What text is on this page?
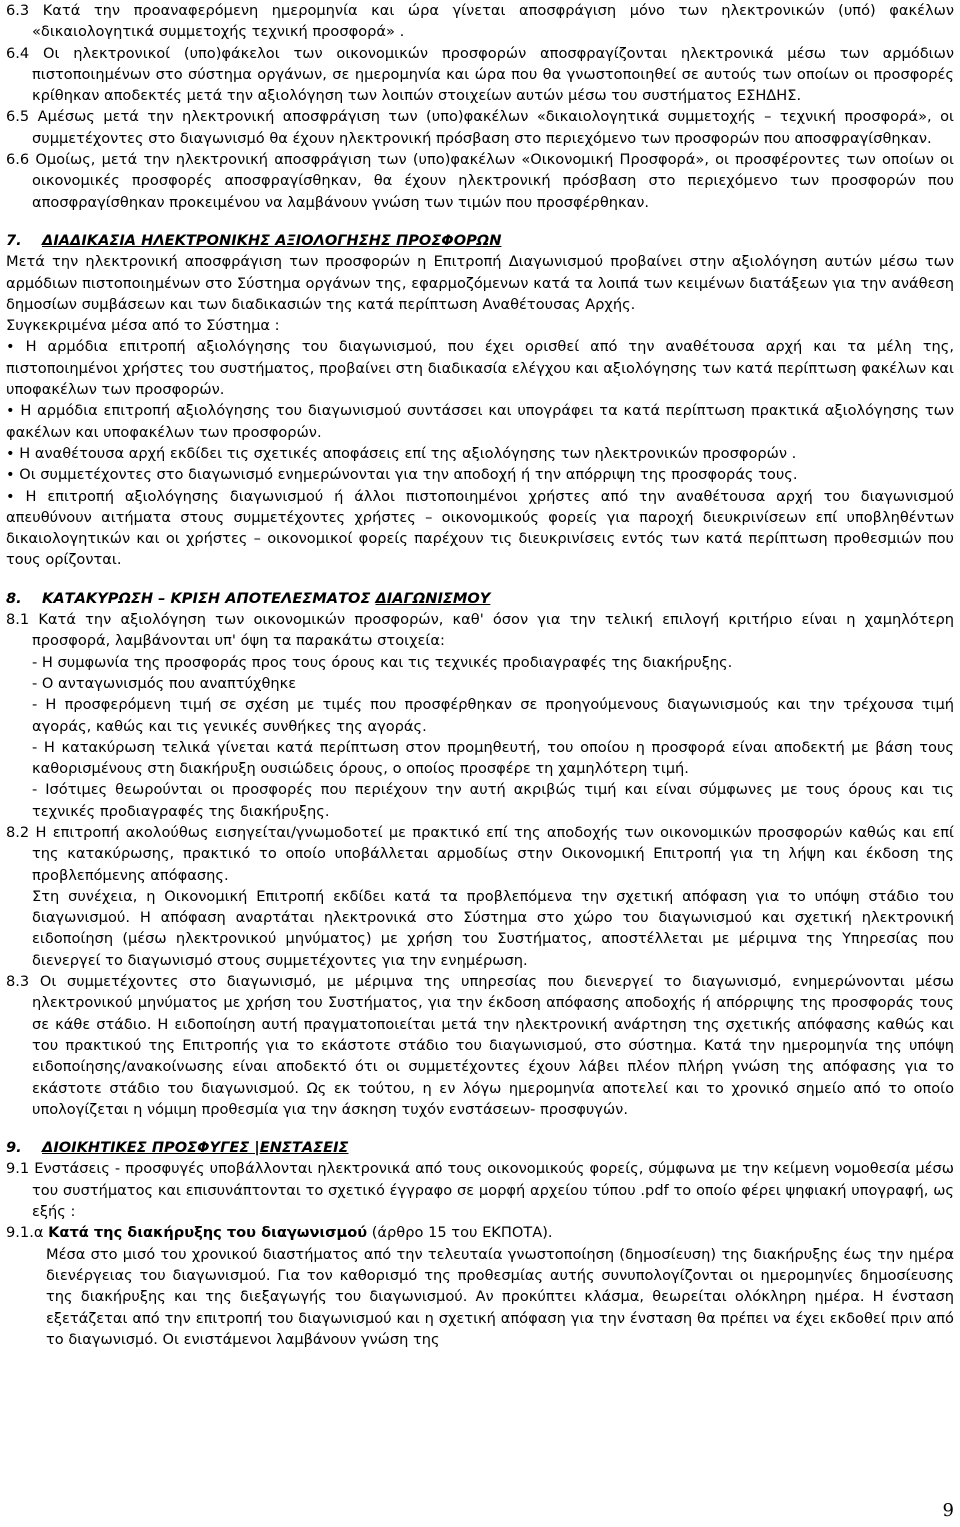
6.3 Κατά την προαναφερόμενη ημερομηνία και ώρα γίνεται αποσφράγιση μόνο των ηλεκτρονικών (υπό) φακέλων «δικαιολογητικά συμμετοχής τεχνική προσφορά» .

6.4 Οι ηλεκτρονικοί (υπο)φάκελοι των οικονομικών προσφορών αποσφραγίζονται ηλεκτρονικά μέσω των αρμόδιων πιστοποιημένων στο σύστημα οργάνων, σε ημερομηνία και ώρα που θα γνωστοποιηθεί σε αυτούς των οποίων οι προσφορές κρίθηκαν αποδεκτές μετά την αξιολόγηση των λοιπών στοιχείων αυτών μέσω του συστήματος ΕΣΗΔΗΣ.

6.5 Αμέσως μετά την ηλεκτρονική αποσφράγιση των (υπο)φακέλων «δικαιολογητικά συμμετοχής – τεχνική προσφορά», οι συμμετέχοντες στο διαγωνισμό θα έχουν ηλεκτρονική πρόσβαση στο περιεχόμενο των προσφορών που αποσφραγίσθηκαν.

6.6 Ομοίως, μετά την ηλεκτρονική αποσφράγιση των (υπο)φακέλων «Οικονομική Προσφορά», οι προσφέροντες των οποίων οι οικονομικές προσφορές αποσφραγίσθηκαν, θα έχουν ηλεκτρονική πρόσβαση στο περιεχόμενο των προσφορών που αποσφραγίσθηκαν προκειμένου να λαμβάνουν γνώση των τιμών που προσφέρθηκαν.

7. ΔΙΑΔΙΚΑΣΙΑ ΗΛΕΚΤΡΟΝΙΚΗΣ ΑΞΙΟΛΟΓΗΣΗΣ ΠΡΟΣΦΟΡΩΝ

Μετά την ηλεκτρονική αποσφράγιση των προσφορών η Επιτροπή Διαγωνισμού προβαίνει στην αξιολόγηση αυτών μέσω των αρμόδιων πιστοποιημένων στο Σύστημα οργάνων της, εφαρμοζόμενων κατά τα λοιπά των κειμένων διατάξεων για την ανάθεση δημοσίων συμβάσεων και των διαδικασιών της κατά περίπτωση Αναθέτουσας Αρχής.

Συγκεκριμένα μέσα από το Σύστημα :

• Η αρμόδια επιτροπή αξιολόγησης του διαγωνισμού, που έχει ορισθεί από την αναθέτουσα αρχή και τα μέλη της, πιστοποιημένοι χρήστες του συστήματος, προβαίνει στη διαδικασία ελέγχου και αξιολόγησης των κατά περίπτωση φακέλων και υποφακέλων των προσφορών.

• Η αρμόδια επιτροπή αξιολόγησης του διαγωνισμού συντάσσει και υπογράφει τα κατά περίπτωση πρακτικά αξιολόγησης των φακέλων και υποφακέλων των προσφορών.

• Η αναθέτουσα αρχή εκδίδει τις σχετικές αποφάσεις επί της αξιολόγησης των ηλεκτρονικών προσφορών .

• Οι συμμετέχοντες στο διαγωνισμό ενημερώνονται για την αποδοχή ή την απόρριψη της προσφοράς τους.

• Η επιτροπή αξιολόγησης διαγωνισμού ή άλλοι πιστοποιημένοι χρήστες από την αναθέτουσα αρχή του διαγωνισμού απευθύνουν αιτήματα στους συμμετέχοντες χρήστες – οικονομικούς φορείς για παροχή διευκρινίσεων επί υποβληθέντων δικαιολογητικών και οι χρήστες – οικονομικοί φορείς παρέχουν τις διευκρινίσεις εντός των κατά περίπτωση προθεσμιών που τους ορίζονται.

8. ΚΑΤΑΚΥΡΩΣΗ – ΚΡΙΣΗ ΑΠΟΤΕΛΕΣΜΑΤΟΣ ΔΙΑΓΩΝΙΣΜΟΥ

8.1 Κατά την αξιολόγηση των οικονομικών προσφορών, καθ' όσον για την τελική επιλογή κριτήριο είναι η χαμηλότερη προσφορά, λαμβάνονται υπ' όψη τα παρακάτω στοιχεία:

- Η συμφωνία της προσφοράς προς τους όρους και τις τεχνικές προδιαγραφές της διακήρυξης.

- Ο ανταγωνισμός που αναπτύχθηκε

- Η προσφερόμενη τιμή σε σχέση με τιμές που προσφέρθηκαν σε προηγούμενους διαγωνισμούς και την τρέχουσα τιμή αγοράς, καθώς και τις γενικές συνθήκες της αγοράς.

- Η κατακύρωση τελικά γίνεται κατά περίπτωση στον προμηθευτή, του οποίου η προσφορά είναι αποδεκτή με βάση τους καθορισμένους στη διακήρυξη ουσιώδεις όρους, ο οποίος προσφέρε τη χαμηλότερη τιμή.

- Ισότιμες θεωρούνται οι προσφορές που περιέχουν την αυτή ακριβώς τιμή και είναι σύμφωνες με τους όρους και τις τεχνικές προδιαγραφές της διακήρυξης.

8.2 Η επιτροπή ακολούθως εισηγείται/γνωμοδοτεί με πρακτικό επί της αποδοχής των οικονομικών προσφορών καθώς και επί της κατακύρωσης, πρακτικό το οποίο υποβάλλεται αρμοδίως στην Οικονομική Επιτροπή για τη λήψη και έκδοση της προβλεπόμενης απόφασης.

Στη συνέχεια, η Οικονομική Επιτροπή εκδίδει κατά τα προβλεπόμενα την σχετική απόφαση για το υπόψη στάδιο του διαγωνισμού. Η απόφαση αναρτάται ηλεκτρονικά στο Σύστημα στο χώρο του διαγωνισμού και σχετική ηλεκτρονική ειδοποίηση (μέσω ηλεκτρονικού μηνύματος) με χρήση του Συστήματος, αποστέλλεται με μέριμνα της Υπηρεσίας που διενεργεί το διαγωνισμό στους συμμετέχοντες για την ενημέρωση.

8.3 Οι συμμετέχοντες στο διαγωνισμό, με μέριμνα της υπηρεσίας που διενεργεί το διαγωνισμό, ενημερώνονται μέσω ηλεκτρονικού μηνύματος με χρήση του Συστήματος, για την έκδοση απόφασης αποδοχής ή απόρριψης της προσφοράς τους σε κάθε στάδιο. Η ειδοποίηση αυτή πραγματοποιείται μετά την ηλεκτρονική ανάρτηση της σχετικής απόφασης καθώς και του πρακτικού της Επιτροπής για το εκάστοτε στάδιο του διαγωνισμού, στο σύστημα. Κατά την ημερομηνία της υπόψη ειδοποίησης/ανακοίνωσης είναι αποδεκτό ότι οι συμμετέχοντες έχουν λάβει πλέον πλήρη γνώση της απόφασης για το εκάστοτε στάδιο του διαγωνισμού. Ως εκ τούτου, η εν λόγω ημερομηνία αποτελεί και το χρονικό σημείο από το οποίο υπολογίζεται η νόμιμη προθεσμία για την άσκηση τυχόν ενστάσεων- προσφυγών.

9. ΔΙΟΙΚΗΤΙΚΕΣ ΠΡΟΣΦΥΓΕΣ |ΕΝΣΤΑΣΕΙΣ

9.1 Ενστάσεις - προσφυγές υποβάλλονται ηλεκτρονικά από τους οικονομικούς φορείς, σύμφωνα με την κείμενη νομοθεσία μέσω του συστήματος και επισυνάπτονται το σχετικό έγγραφο σε μορφή αρχείου τύπου .pdf το οποίο φέρει ψηφιακή υπογραφή, ως εξής :

9.1.α Κατά της διακήρυξης του διαγωνισμού (άρθρο 15 του ΕΚΠΟΤΑ).

Μέσα στο μισό του χρονικού διαστήματος από την τελευταία γνωστοποίηση (δημοσίευση) της διακήρυξης έως την ημέρα διενέργειας του διαγωνισμού. Για τον καθορισμό της προθεσμίας αυτής συνυπολογίζονται οι ημερομηνίες δημοσίευσης της διακήρυξης και της διεξαγωγής του διαγωνισμού. Αν προκύπτει κλάσμα, θεωρείται ολόκληρη ημέρα. Η ένσταση εξετάζεται από την επιτροπή του διαγωνισμού και η σχετική απόφαση για την ένσταση θα πρέπει να έχει εκδοθεί πριν από το διαγωνισμό. Οι ενιστάμενοι λαμβάνουν γνώση της

9
